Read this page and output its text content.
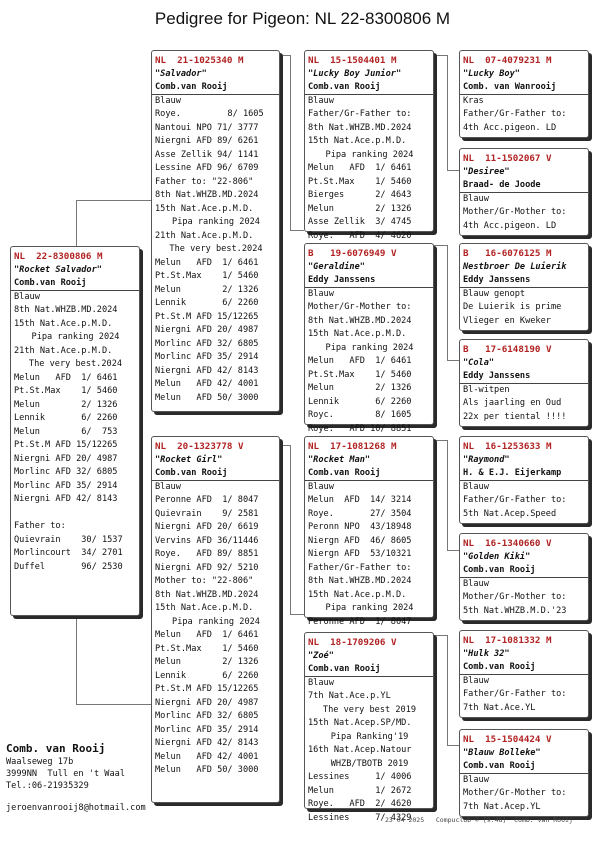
Pedigree for Pigeon: NL 22-8300806 M
NL  22-8300806 M
"Rocket Salvador"
Comb.van Rooij
Blauw
8th Nat.WHZB.MD.2024
15th Nat.Ace.p.M.D.
Pipa ranking 2024
21th Nat.Ace.p.M.D.
The very best.2024
Melun   AFD  1/ 6461
Pt.St.Max    1/ 5460
Melun        2/ 1326
Lennik       6/ 2260
Melun        6/  753
Pt.St.M AFD 15/12265
Niergni AFD 20/ 4987
Morlinc AFD 32/ 6805
Morlinc AFD 35/ 2914
Niergni AFD 42/ 8143
Father to:
Quievrain    30/ 1537
Morlincourt  34/ 2701
Duffel       96/ 2530
NL  21-1025340 M
"Salvador"
Comb.van Rooij
Blauw
Roye.         8/ 1605
Nantoui NPO 71/ 3777
Niergni AFD 89/ 6261
Asse Zellik 94/ 1141
Lessine AFD 96/ 6709
Father to: "22-806"
8th Nat.WHZB.MD.2024
15th Nat.Ace.p.M.D.
Pipa ranking 2024
21th Nat.Ace.p.M.D.
The very best.2024
Melun   AFD  1/ 6461
Pt.St.Max    1/ 5460
Melun        2/ 1326
Lennik       6/ 2260
Pt.St.M AFD 15/12265
Niergni AFD 20/ 4987
Morlinc AFD 32/ 6805
Morlinc AFD 35/ 2914
Niergni AFD 42/ 8143
Melun   AFD 42/ 4001
Melun   AFD 50/ 3000
NL  20-1323778 V
"Rocket Girl"
Comb.van Rooij
Blauw
Peronne AFD  1/ 8047
Quievrain    9/ 2581
Niergni AFD 20/ 6619
Vervins AFD 36/11446
Roye.   AFD 89/ 8851
Niergni AFD 92/ 5210
Mother to: "22-806"
8th Nat.WHZB.MD.2024
15th Nat.Ace.p.M.D.
Pipa ranking 2024
Melun   AFD  1/ 6461
Pt.St.Max    1/ 5460
Melun        2/ 1326
Lennik       6/ 2260
Pt.St.M AFD 15/12265
Niergni AFD 20/ 4987
Morlinc AFD 32/ 6805
Morlinc AFD 35/ 2914
Niergni AFD 42/ 8143
Melun   AFD 42/ 4001
Melun   AFD 50/ 3000
NL  15-1504401 M
"Lucky Boy Junior"
Comb.van Rooij
Blauw
Father/Gr-Father to:
8th Nat.WHZB.MD.2024
15th Nat.Ace.p.M.D.
Pipa ranking 2024
Melun   AFD  1/ 6461
Pt.St.Max    1/ 5460
Bierges      2/ 4643
Melun        2/ 1326
Asse Zellik  3/ 4745
Roye.   AFD  4/ 4620
B   19-6076949 V
"Geraldine"
Eddy Janssens
Blauw
Mother/Gr-Mother to:
8th Nat.WHZB.MD.2024
15th Nat.Ace.p.M.D.
Pipa ranking 2024
Melun   AFD  1/ 6461
Pt.St.Max    1/ 5460
Melun        2/ 1326
Lennik       6/ 2260
Royc.        8/ 1605
Roye.   AFD 10/ 8851
NL  17-1081268 M
"Rocket Man"
Comb.van Rooij
Blauw
Melun  AFD  14/ 3214
Roye.       27/ 3504
Peronn NPO  43/18948
Niergn AFD  46/ 8605
Niergn AFD  53/10321
Father/Gr-Father to:
8th Nat.WHZB.MD.2024
15th Nat.Ace.p.M.D.
Pipa ranking 2024
Peronne AFD  1/ 8047
NL  18-1709206 V
"Zoé"
Comb.van Rooij
Blauw
7th Nat.Ace.p.YL
The very best 2019
15th Nat.Acep.SP/MD.
Pipa Ranking'19
16th Nat.Acep.Natour
WHZB/TBOTB 2019
Lessines     1/ 4006
Melun        1/ 2672
Roye.   AFD  2/ 4620
Lessines     7/ 4329
NL  07-4079231 M
"Lucky Boy"
Comb. van Wanrooij
Kras
Father/Gr-Father to:
4th Acc.pigeon. LD
NL  11-1502067 V
"Desiree"
Braad- de Joode
Blauw
Mother/Gr-Mother to:
4th Acc.pigeon. LD
B   16-6076125 M
Nestbroer De Luierik
Eddy Janssens
Blauw genopt
De Luierik is prime
Vlieger en Kweker
B   17-6148190 V
"Cola"
Eddy Janssens
Bl-witpen
Als jaarling en Oud
22x per tiental !!!!
NL  16-1253633 M
"Raymond"
H. & E.J. Eijerkamp
Blauw
Father/Gr-Father to:
5th Nat.Acep.Speed
NL  16-1340660 V
"Golden Kiki"
Comb.van Rooij
Blauw
Mother/Gr-Mother to:
5th Nat.WHZB.M.D.'23
NL  17-1081332 M
"Hulk 32"
Comb.van Rooij
Blauw
Father/Gr-Father to:
7th Nat.Ace.YL
NL  15-1504424 V
"Blauw Bolleke"
Comb.van Rooij
Blauw
Mother/Gr-Mother to:
7th Nat.Acep.YL
Comb. van Rooij
Waalseweg 17b
3999NN  Tull en 't Waal
Tel.:06-21935329
jeroenvanrooij8@hotmail.com
23 04 2025   Compuclub © [9.48]  Comb. van Rooij
